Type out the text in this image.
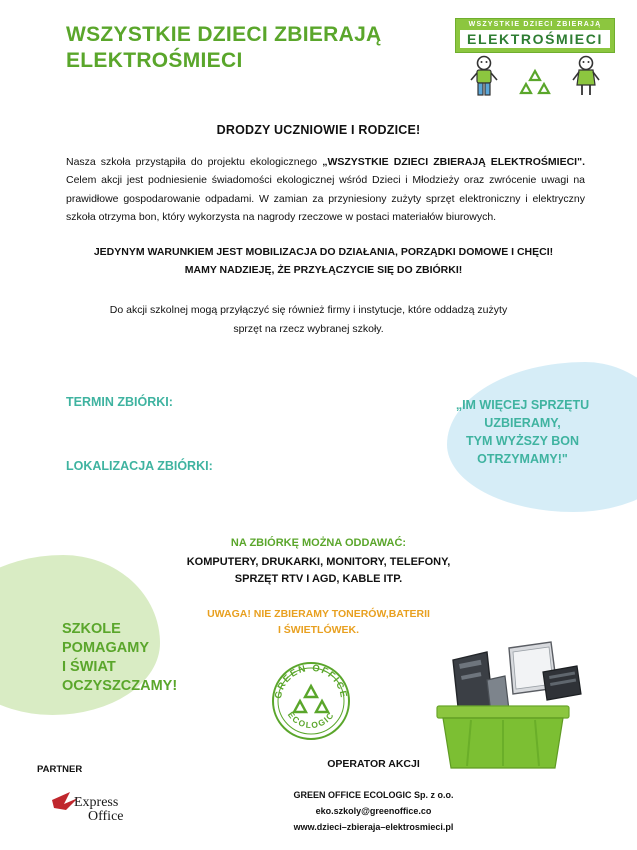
WSZYSTKIE DZIECI ZBIERAJĄ ELEKTROŚMIECI
WSZYSTKIE DZIECI ZBIERAJĄ
ELEKTROŚMIECI
DRODZY UCZNIOWIE I RODZICE!

Nasza szkoła przystąpiła do projektu ekologicznego „WSZYSTKIE DZIECI ZBIERAJĄ ELEKTROŚMIECI". Celem akcji jest podniesienie świadomości ekologicznej wśród Dzieci i Młodzieży oraz zwrócenie uwagi na prawidłowe gospodarowanie odpadami. W zamian za przyniesiony zużyty sprzęt elektroniczny i elektryczny szkoła otrzyma bon, który wykorzysta na nagrody rzeczowe w postaci materiałów biurowych.

JEDYNYM WARUNKIEM JEST MOBILIZACJA DO DZIAŁANIA, PORZĄDKI DOMOWE I CHĘCI!
MAMY NADZIEJĘ, ŻE PRZYŁĄCZYCIE SIĘ DO ZBIÓRKI!

Do akcji szkolnej mogą przyłączyć się również firmy i instytucje, które oddadzą zużyty sprzęt na rzecz wybranej szkoły.

TERMIN ZBIÓRKI:
LOKALIZACJA ZBIÓRKI:
„IM WIĘCEJ SPRZĘTU
UZBIERAMY,
TYM WYŻSZY BON
OTRZYMAMY!"
NA ZBIÓRKĘ MOŻNA ODDAWAĆ:
KOMPUTERY, DRUKARKI, MONITORY, TELEFONY,
SPRZĘT RTV I AGD, KABLE ITP.
UWAGA! NIE ZBIERAMY TONERÓW,BATERII
I ŚWIETLÓWEK.
SZKOLE
POMAGAMY
I ŚWIAT
OCZYSZCZAMY!	GREEN OFFICE
ECOLOGIC
PARTNER
Express
Office
OPERATOR AKCJI
GREEN OFFICE ECOLOGIC Sp. z o.o.
eko.szkoly@greenoffice.co
www.dzieci–zbieraja–elektrosmieci.pl
